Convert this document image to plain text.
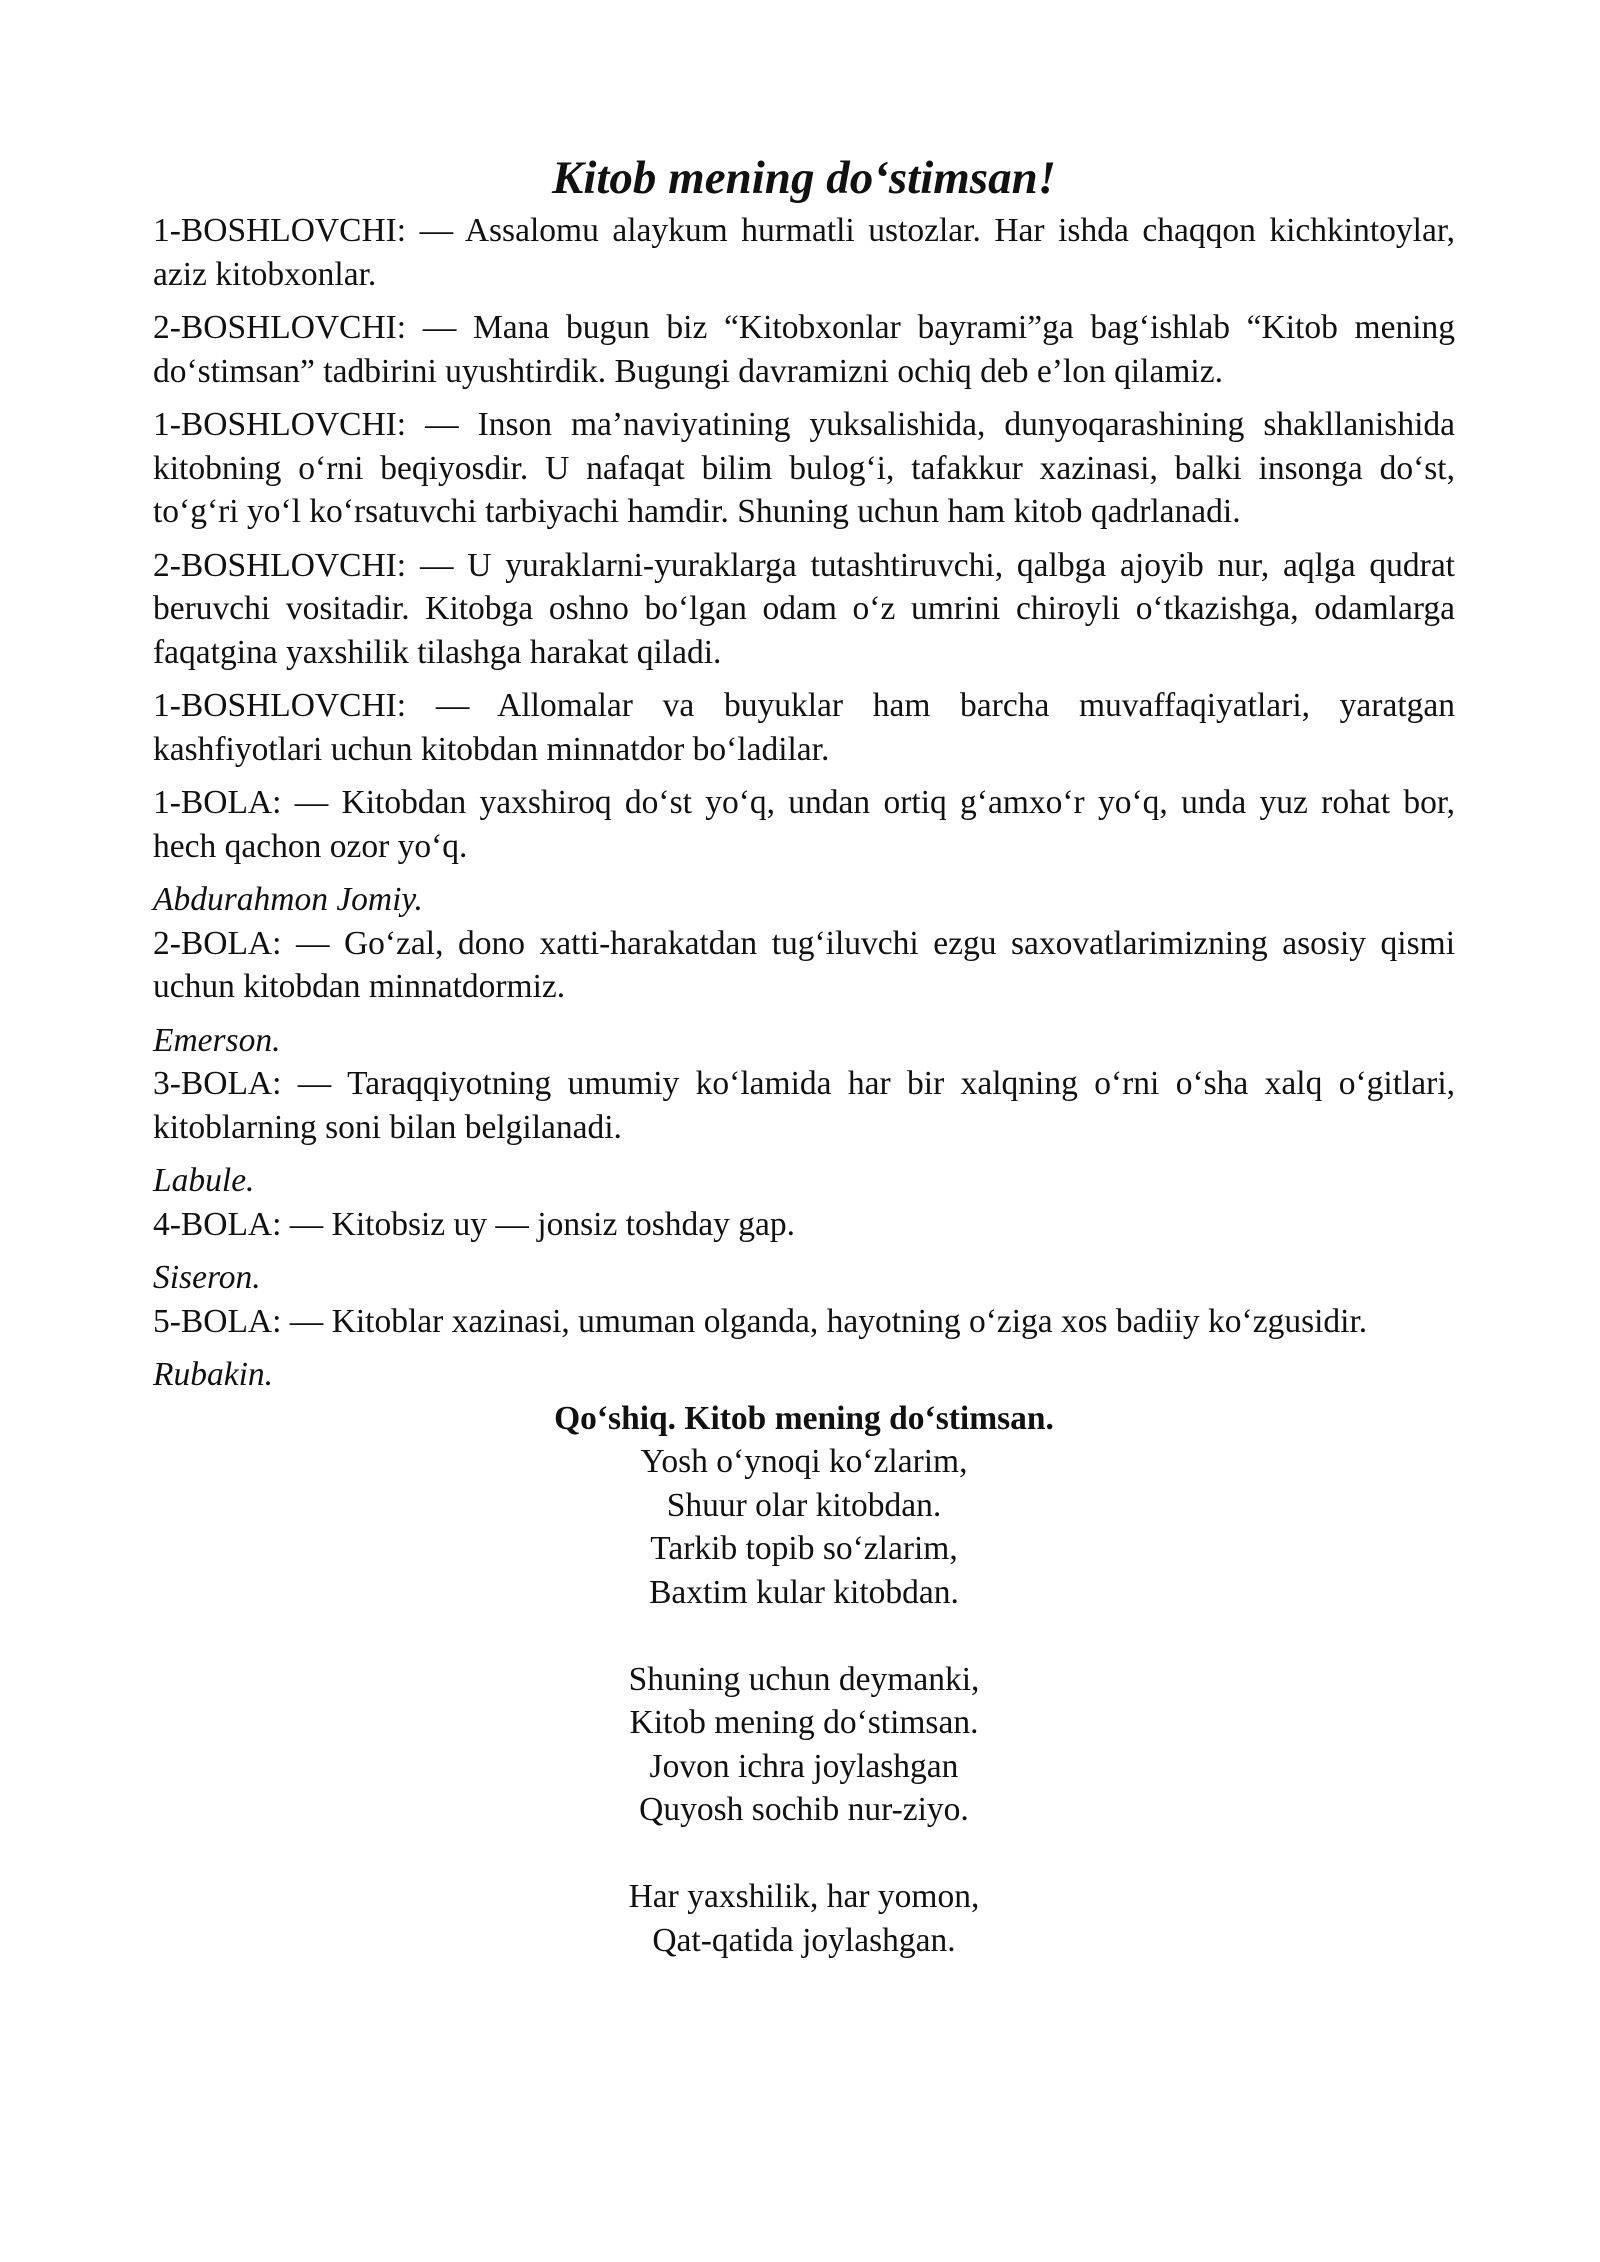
Kitob mening do‘stimsan!

1-BOSHLOVCHI: — Assalomu alaykum hurmatli ustozlar. Har ishda chaqqon kichkintoylar, aziz kitobxonlar.

2-BOSHLOVCHI: — Mana bugun biz “Kitobxonlar bayrami”ga bag‘ishlab “Kitob mening do‘stimsan” tadbirini uyushtirdik. Bugungi davramizni ochiq deb e’lon qilamiz.

1-BOSHLOVCHI: — Inson ma’naviyatining yuksalishida, dunyoqarashining shakllanishida kitobning o‘rni beqiyosdir. U nafaqat bilim bulog‘i, tafakkur xazinasi, balki insonga do‘st, to‘g‘ri yo‘l ko‘rsatuvchi tarbiyachi hamdir. Shuning uchun ham kitob qadrlanadi.

2-BOSHLOVCHI: — U yuraklarni-yuraklarga tutashtiruvchi, qalbga ajoyib nur, aqlga qudrat beruvchi vositadir. Kitobga oshno bo‘lgan odam o‘z umrini chiroyli o‘tkazishga, odamlarga faqatgina yaxshilik tilashga harakat qiladi.

1-BOSHLOVCHI: — Allomalar va buyuklar ham barcha muvaffaqiyatlari, yaratgan kashfiyotlari uchun kitobdan minnatdor bo‘ladilar.

1-BOLA: — Kitobdan yaxshiroq do‘st yo‘q, undan ortiq g‘amxo‘r yo‘q, unda yuz rohat bor, hech qachon ozor yo‘q.

Abdurahmon Jomiy.

2-BOLA: — Go‘zal, dono xatti-harakatdan tug‘iluvchi ezgu saxovatlarimizning asosiy qismi uchun kitobdan minnatdormiz.

Emerson.

3-BOLA: — Taraqqiyotning umumiy ko‘lamida har bir xalqning o‘rni o‘sha xalq o‘gitlari, kitoblarning soni bilan belgilanadi.

Labule.

4-BOLA: — Kitobsiz uy — jonsiz toshday gap.

Siseron.

5-BOLA: — Kitoblar xazinasi, umuman olganda, hayotning o‘ziga xos badiiy ko‘zgusidir.

Rubakin.

Qo‘shiq. Kitob mening do‘stimsan.

Yosh o‘ynoqi ko‘zlarim,
Shuur olar kitobdan.
Tarkib topib so‘zlarim,
Baxtim kular kitobdan.
Shuning uchun deymanki,
Kitob mening do‘stimsan.
Jovon ichra joylashgan
Quyosh sochib nur-ziyo.
Har yaxshilik, har yomon,
Qat-qatida joylashgan.
